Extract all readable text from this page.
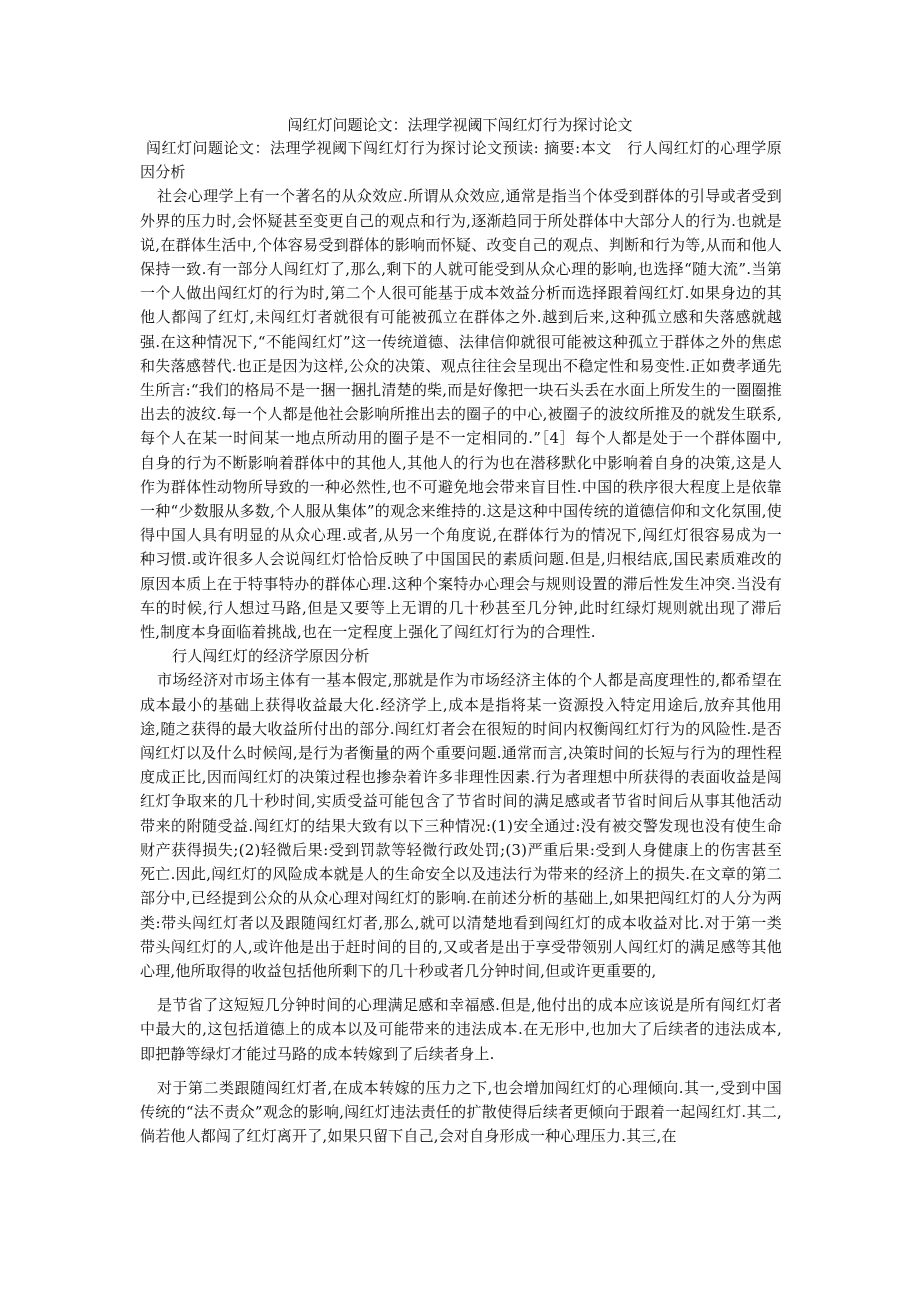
闯红灯问题论文：法理学视阈下闯红灯行为探讨论文

闯红灯问题论文：法理学视阈下闯红灯行为探讨论文预读: 摘要:本文　行人闯红灯的心理学原因分析

社会心理学上有一个著名的从众效应.所谓从众效应,通常是指当个体受到群体的引导或者受到外界的压力时,会怀疑甚至变更自己的观点和行为,逐渐趋同于所处群体中大部分人的行为.也就是说,在群体生活中,个体容易受到群体的影响而怀疑、改变自己的观点、判断和行为等,从而和他人保持一致.有一部分人闯红灯了,那么,剩下的人就可能受到从众心理的影响,也选择“随大流”.当第一个人做出闯红灯的行为时,第二个人很可能基于成本效益分析而选择跟着闯红灯.如果身边的其他人都闯了红灯,未闯红灯者就很有可能被孤立在群体之外.越到后来,这种孤立感和失落感就越强.在这种情况下,“不能闯红灯”这一传统道德、法律信仰就很可能被这种孤立于群体之外的焦虑和失落感替代.也正是因为这样,公众的决策、观点往往会呈现出不稳定性和易变性.正如费孝通先生所言:“我们的格局不是一捆一捆扎清楚的柴,而是好像把一块石头丢在水面上所发生的一圈圈推出去的波纹.每一个人都是他社会影响所推出去的圈子的中心,被圈子的波纹所推及的就发生联系,每个人在某一时间某一地点所动用的圈子是不一定相同的.”［4］每个人都是处于一个群体圈中,自身的行为不断影响着群体中的其他人,其他人的行为也在潜移默化中影响着自身的决策,这是人作为群体性动物所导致的一种必然性,也不可避免地会带来盲目性.中国的秩序很大程度上是依靠一种“少数服从多数,个人服从集体”的观念来维持的.这是这种中国传统的道德信仰和文化氛围,使得中国人具有明显的从众心理.或者,从另一个角度说,在群体行为的情况下,闯红灯很容易成为一种习惯.或许很多人会说闯红灯恰恰反映了中国国民的素质问题.但是,归根结底,国民素质难改的原因本质上在于特事特办的群体心理.这种个案特办心理会与规则设置的滞后性发生冲突.当没有车的时候,行人想过马路,但是又要等上无谓的几十秒甚至几分钟,此时红绿灯规则就出现了滞后性,制度本身面临着挑战,也在一定程度上强化了闯红灯行为的合理性.

行人闯红灯的经济学原因分析

市场经济对市场主体有一基本假定,那就是作为市场经济主体的个人都是高度理性的,都希望在成本最小的基础上获得收益最大化.经济学上,成本是指将某一资源投入特定用途后,放弃其他用途,随之获得的最大收益所付出的部分.闯红灯者会在很短的时间内权衡闯红灯行为的风险性.是否闯红灯以及什么时候闯,是行为者衡量的两个重要问题.通常而言,决策时间的长短与行为的理性程度成正比,因而闯红灯的决策过程也掺杂着许多非理性因素.行为者理想中所获得的表面收益是闯红灯争取来的几十秒时间,实质受益可能包含了节省时间的满足感或者节省时间后从事其他活动带来的附随受益.闯红灯的结果大致有以下三种情况:(1)安全通过:没有被交警发现也没有使生命财产获得损失;(2)轻微后果:受到罚款等轻微行政处罚;(3)严重后果:受到人身健康上的伤害甚至死亡.因此,闯红灯的风险成本就是人的生命安全以及违法行为带来的经济上的损失.在文章的第二部分中,已经提到公众的从众心理对闯红灯的影响.在前述分析的基础上,如果把闯红灯的人分为两类:带头闯红灯者以及跟随闯红灯者,那么,就可以清楚地看到闯红灯的成本收益对比.对于第一类带头闯红灯的人,或许他是出于赶时间的目的,又或者是出于享受带领别人闯红灯的满足感等其他心理,他所取得的收益包括他所剩下的几十秒或者几分钟时间,但或许更重要的,

是节省了这短短几分钟时间的心理满足感和幸福感.但是,他付出的成本应该说是所有闯红灯者中最大的,这包括道德上的成本以及可能带来的违法成本.在无形中,也加大了后续者的违法成本,即把静等绿灯才能过马路的成本转嫁到了后续者身上.

对于第二类跟随闯红灯者,在成本转嫁的压力之下,也会增加闯红灯的心理倾向.其一,受到中国传统的“法不责众”观念的影响,闯红灯违法责任的扩散使得后续者更倾向于跟着一起闯红灯.其二,倘若他人都闯了红灯离开了,如果只留下自己,会对自身形成一种心理压力.其三,在
